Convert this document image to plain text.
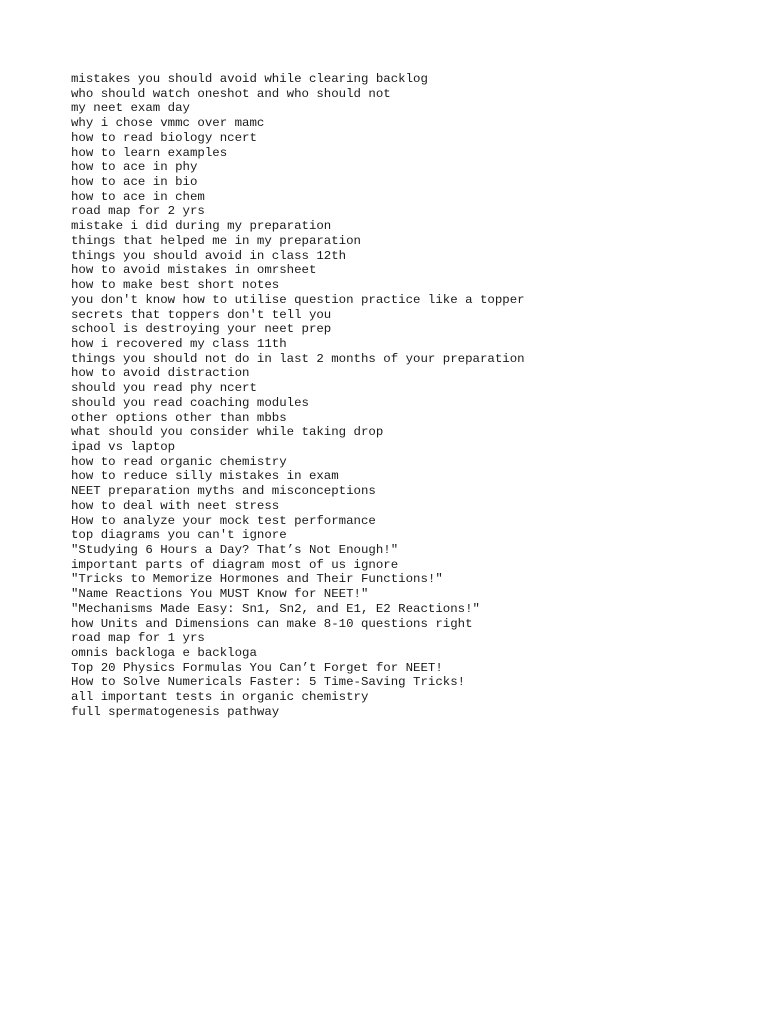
mistakes you should avoid while clearing backlog
who should watch oneshot and who should not
my neet exam day
why i chose vmmc over mamc
how to read biology ncert
how to learn examples
how to ace in phy
how to ace in bio
how to ace in chem
road map for 2 yrs
mistake i did during my preparation
things that helped me in my preparation
things you should avoid in class 12th
how to avoid mistakes in omrsheet
how to make best short notes
you don't know how to utilise question practice like a topper
secrets that toppers don't tell you
school is destroying your neet prep
how i recovered my class 11th
things you should not do in last 2 months of your preparation
how to avoid distraction
should you read phy ncert
should you read coaching modules
other options other than mbbs
what should you consider while taking drop
ipad vs laptop
how to read organic chemistry
how to reduce silly mistakes in exam
NEET preparation myths and misconceptions
how to deal with neet stress
How to analyze your mock test performance
top diagrams you can't ignore
"Studying 6 Hours a Day? That’s Not Enough!"
important parts of diagram most of us ignore
"Tricks to Memorize Hormones and Their Functions!"
"Name Reactions You MUST Know for NEET!"
"Mechanisms Made Easy: Sn1, Sn2, and E1, E2 Reactions!"
how Units and Dimensions can make 8-10 questions right
road map for 1 yrs
omnis backloga e backloga
Top 20 Physics Formulas You Can’t Forget for NEET!
How to Solve Numericals Faster: 5 Time-Saving Tricks!
all important tests in organic chemistry
full spermatogenesis pathway
